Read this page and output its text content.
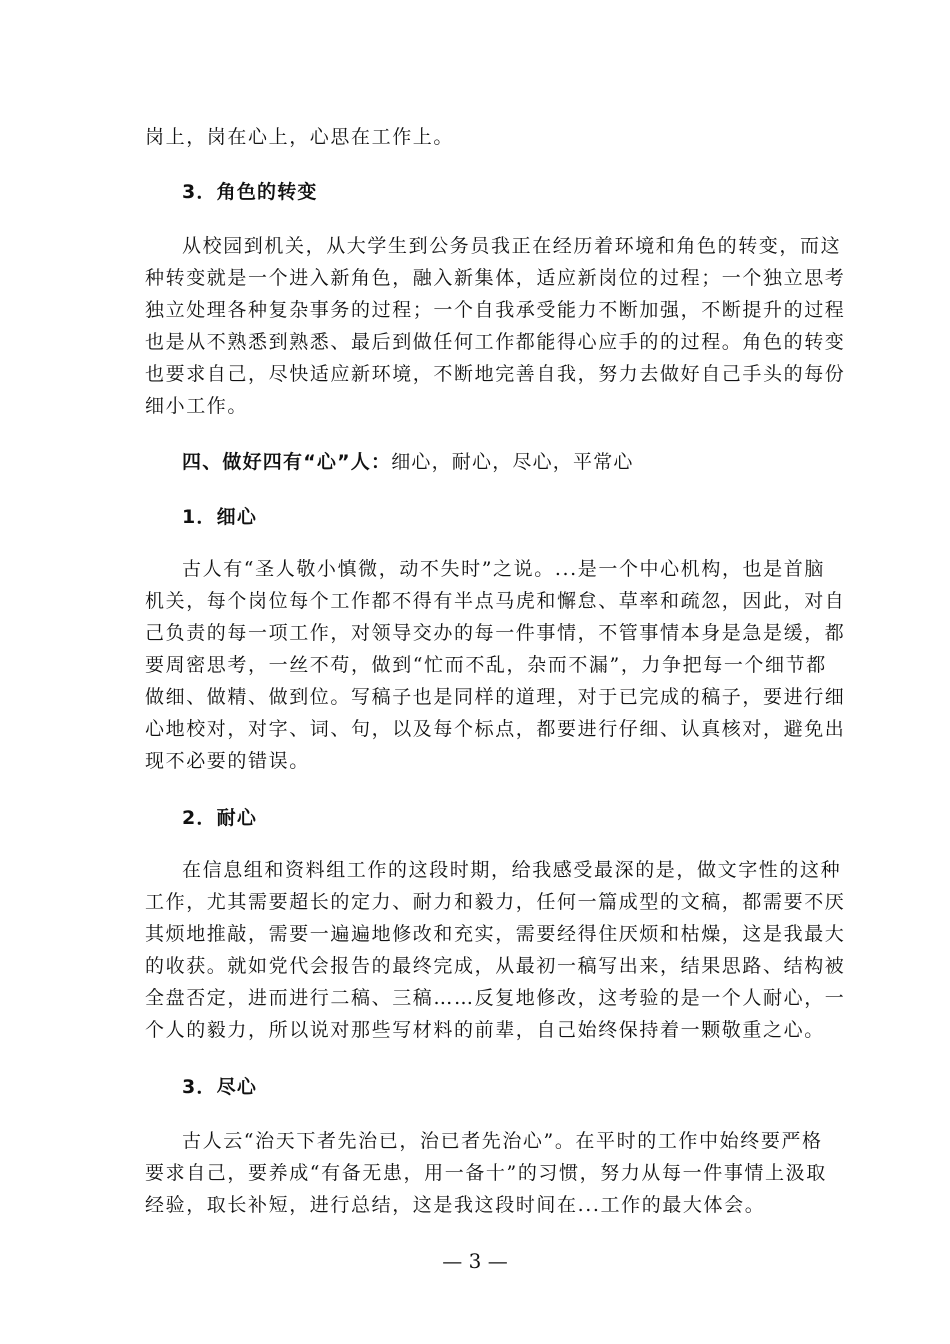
岗上，岗在心上，心思在工作上。
3．角色的转变
从校园到机关，从大学生到公务员我正在经历着环境和角色的转变，而这
种转变就是一个进入新角色，融入新集体，适应新岗位的过程；一个独立思考
独立处理各种复杂事务的过程；一个自我承受能力不断加强，不断提升的过程
也是从不熟悉到熟悉、最后到做任何工作都能得心应手的的过程。角色的转变
也要求自己，尽快适应新环境，不断地完善自我，努力去做好自己手头的每份
细小工作。
四、做好四有“心”人：细心，耐心，尽心，平常心
1．细心
古人有“圣人敬小慎微，动不失时”之说。...是一个中心机构，也是首脑
机关，每个岗位每个工作都不得有半点马虎和懈怠、草率和疏忽，因此，对自
己负责的每一项工作，对领导交办的每一件事情，不管事情本身是急是缓，都
要周密思考，一丝不苟，做到“忙而不乱，杂而不漏”，力争把每一个细节都
做细、做精、做到位。写稿子也是同样的道理，对于已完成的稿子，要进行细
心地校对，对字、词、句，以及每个标点，都要进行仔细、认真核对，避免出
现不必要的错误。
2．耐心
在信息组和资料组工作的这段时期，给我感受最深的是，做文字性的这种
工作，尤其需要超长的定力、耐力和毅力，任何一篇成型的文稿，都需要不厌
其烦地推敲，需要一遍遍地修改和充实，需要经得住厌烦和枯燥，这是我最大
的收获。就如党代会报告的最终完成，从最初一稿写出来，结果思路、结构被
全盘否定，进而进行二稿、三稿……反复地修改，这考验的是一个人耐心，一
个人的毅力，所以说对那些写材料的前辈，自己始终保持着一颗敬重之心。
3．尽心
古人云“治天下者先治已，治已者先治心”。在平时的工作中始终要严格
要求自己，要养成“有备无患，用一备十”的习惯，努力从每一件事情上汲取
经验，取长补短，进行总结，这是我这段时间在...工作的最大体会。
— 3 —
